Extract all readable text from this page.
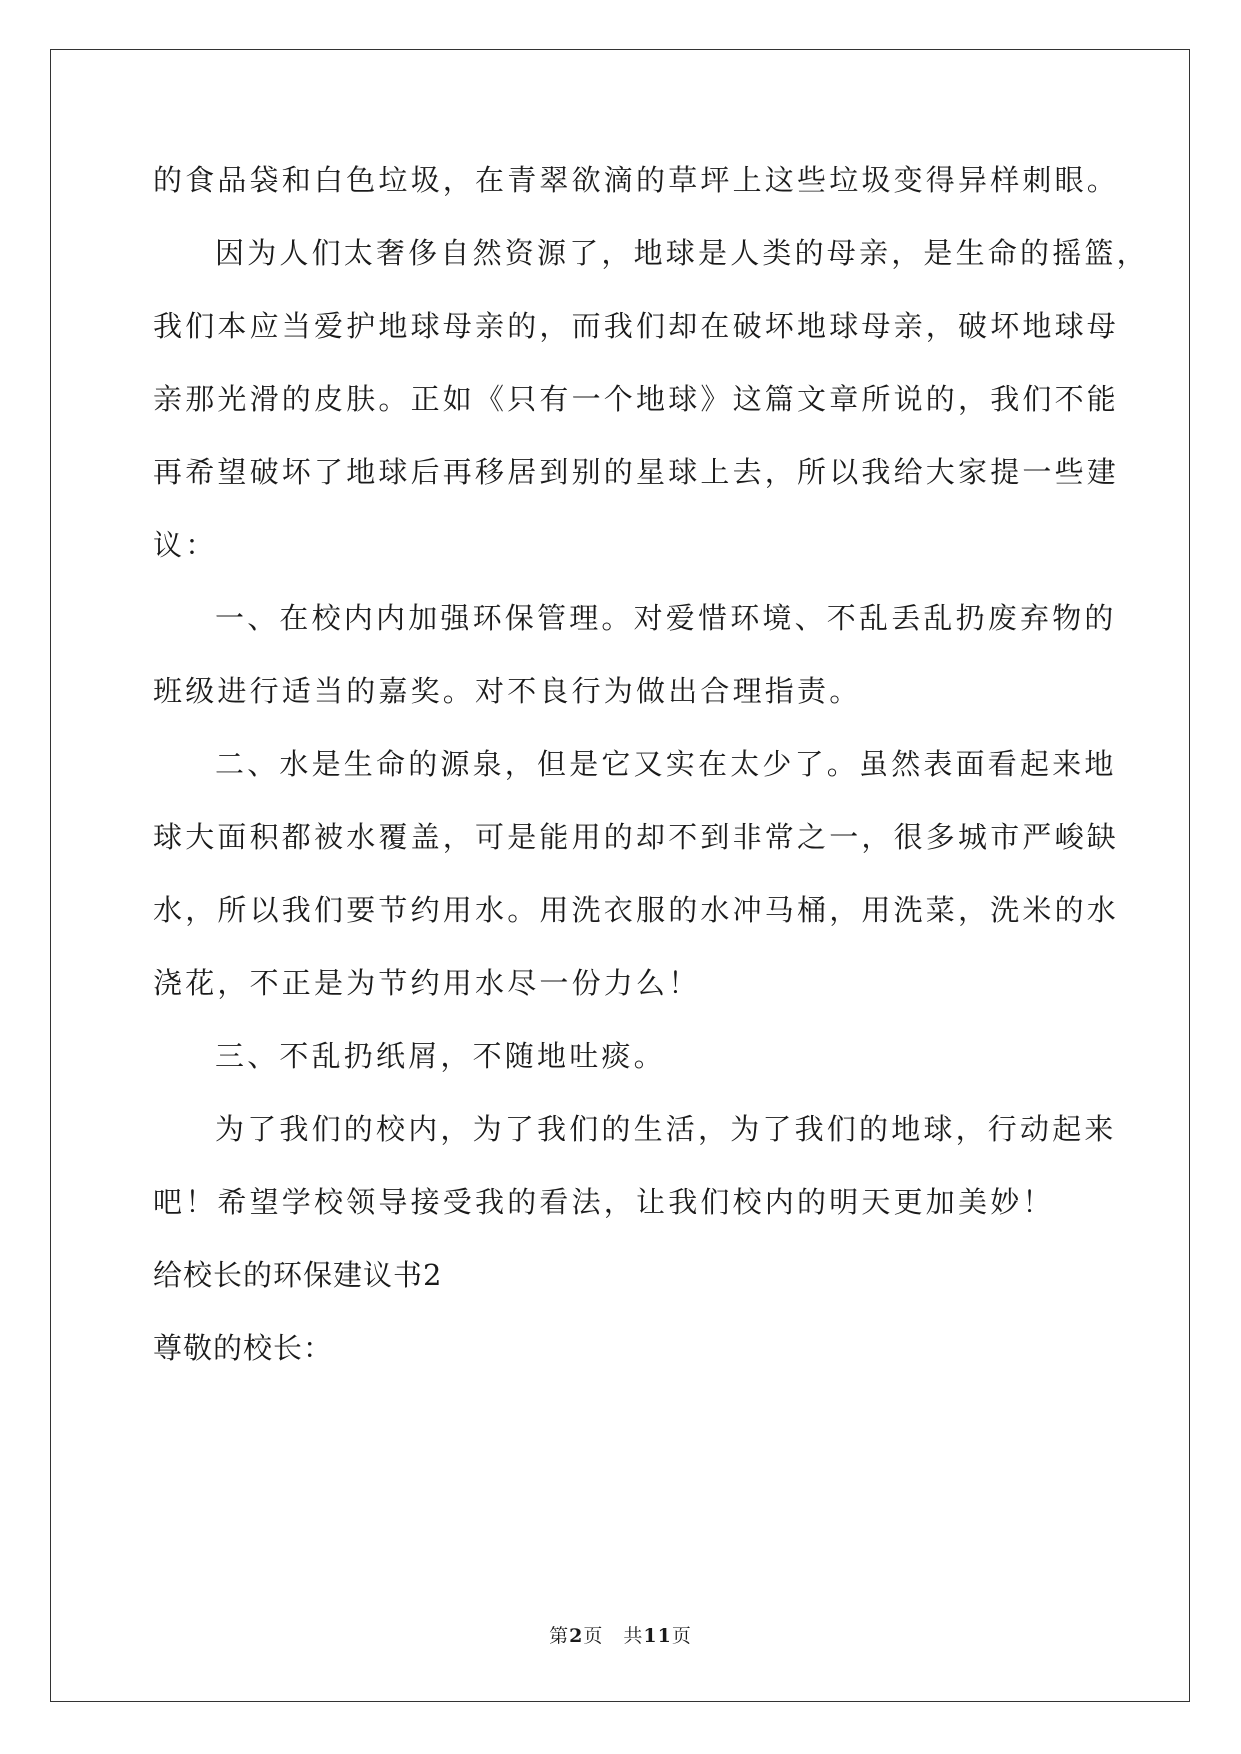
的食品袋和白色垃圾，在青翠欲滴的草坪上这些垃圾变得异样刺眼。
因为人们太奢侈自然资源了，地球是人类的母亲，是生命的摇篮，
我们本应当爱护地球母亲的，而我们却在破坏地球母亲，破坏地球母
亲那光滑的皮肤。正如《只有一个地球》这篇文章所说的，我们不能
再希望破坏了地球后再移居到别的星球上去，所以我给大家提一些建
议：
一、在校内内加强环保管理。对爱惜环境、不乱丢乱扔废弃物的
班级进行适当的嘉奖。对不良行为做出合理指责。
二、水是生命的源泉，但是它又实在太少了。虽然表面看起来地
球大面积都被水覆盖，可是能用的却不到非常之一，很多城市严峻缺
水，所以我们要节约用水。用洗衣服的水冲马桶，用洗菜，洗米的水
浇花，不正是为节约用水尽一份力么！
三、不乱扔纸屑，不随地吐痰。
为了我们的校内，为了我们的生活，为了我们的地球，行动起来
吧！希望学校领导接受我的看法，让我们校内的明天更加美妙！
给校长的环保建议书2
尊敬的校长：
第2页　共11页
